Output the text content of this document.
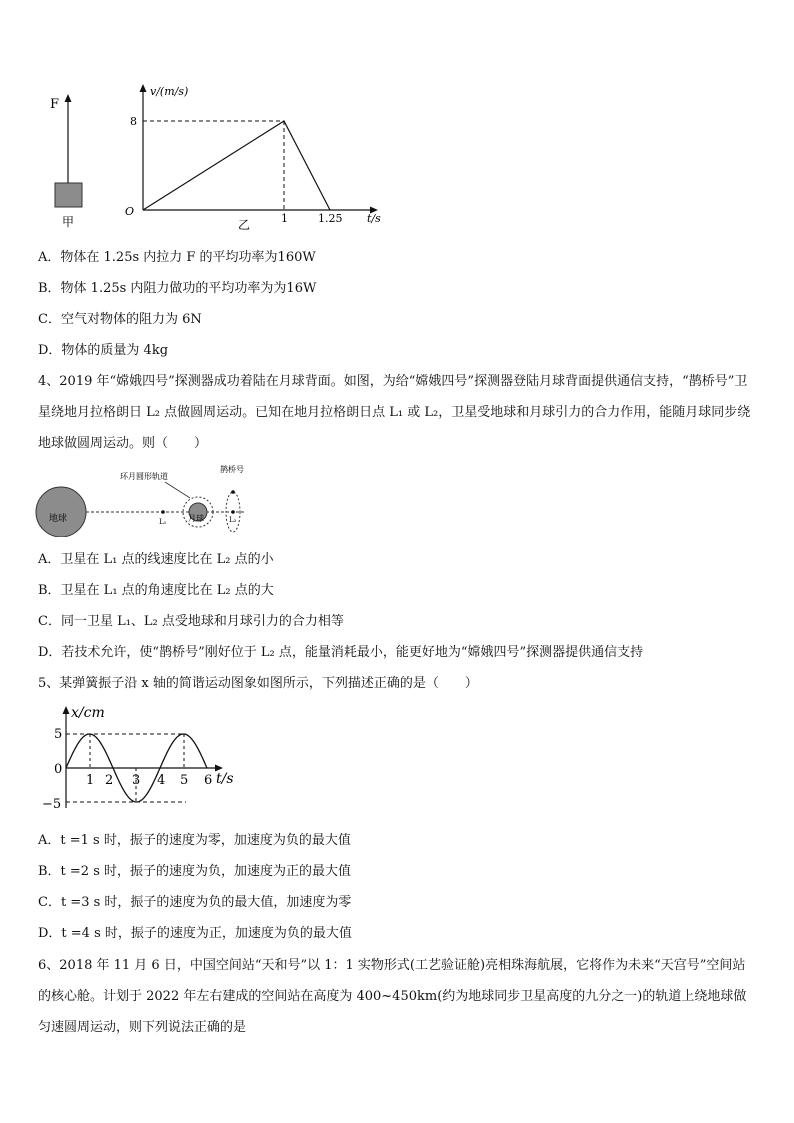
F
甲
v/(m/s)
O
8
1	1.25 t/s
乙
A．物体在 1.25s 内拉力 F 的平均功率为160W
B．物体 1.25s 内阻力做功的平均功率为为16W
C．空气对物体的阻力为 6N
D．物体的质量为 4kg
4、2019 年“嫦娥四号”探测器成功着陆在月球背面。如图，为给“嫦娥四号”探测器登陆月球背面提供通信支持，“鹊桥号”卫星绕地月拉格朗日 L₂ 点做圆周运动。已知在地月拉格朗日点 L₁ 或 L₂，卫星受地球和月球引力的合力作用，能随月球同步绕地球做圆周运动。则（　　）
地球	L₁	月球
环月圆形轨道
L₂
鹊桥号
A．卫星在 L₁ 点的线速度比在 L₂ 点的小
B．卫星在 L₁ 点的角速度比在 L₂ 点的大
C．同一卫星 L₁、L₂ 点受地球和月球引力的合力相等
D．若技术允许，使“鹊桥号”刚好位于 L₂ 点，能量消耗最小，能更好地为“嫦娥四号”探测器提供通信支持
5、某弹簧振子沿 x 轴的简谐运动图象如图所示，下列描述正确的是（　　）
x/cm
t/s
5
0
−5
1 2 3 4 5 6
A．t =1 s 时，振子的速度为零，加速度为负的最大值
B．t =2 s 时，振子的速度为负，加速度为正的最大值
C．t =3 s 时，振子的速度为负的最大值，加速度为零
D．t =4 s 时，振子的速度为正，加速度为负的最大值
6、2018 年 11 月 6 日，中国空间站“天和号”以 1：1 实物形式(工艺验证舱)亮相珠海航展，它将作为未来“天宫号”空间站的核心舱。计划于 2022 年左右建成的空间站在高度为 400~450km(约为地球同步卫星高度的九分之一)的轨道上绕地球做匀速圆周运动，则下列说法正确的是
